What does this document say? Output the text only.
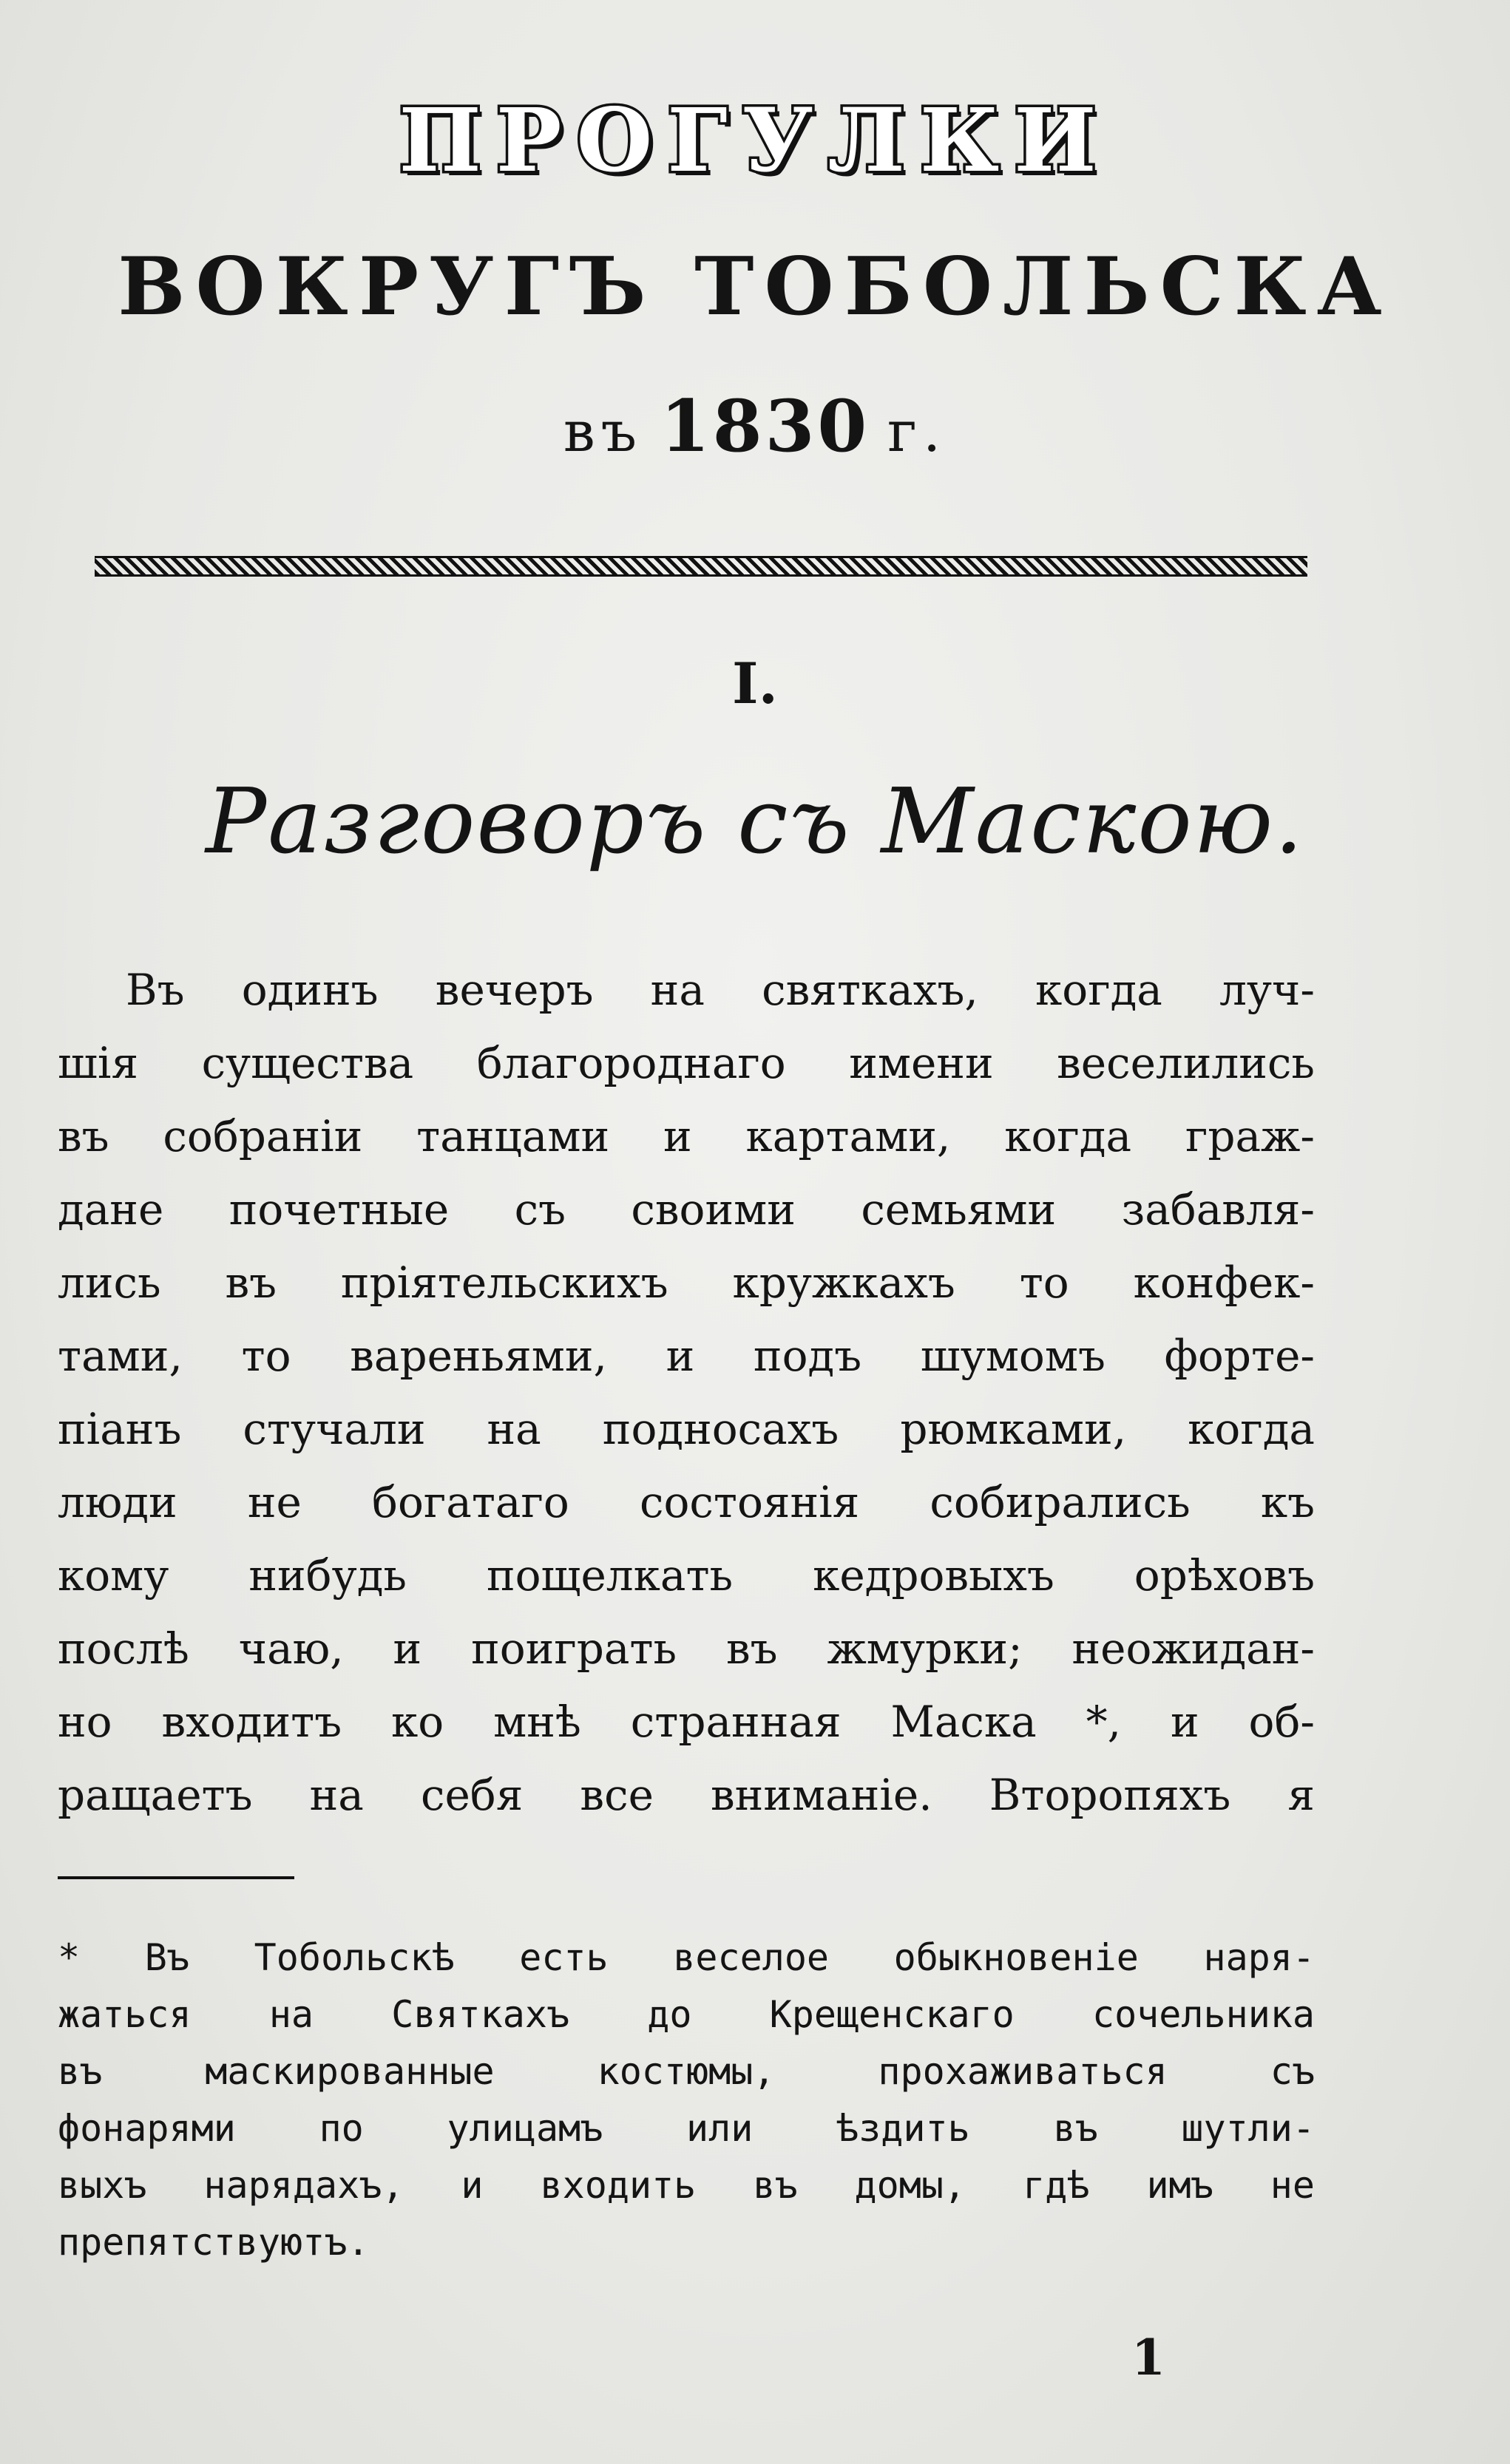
ПРОГУЛКИ
ВОКРУГЪ ТОБОЛЬСКА
въ 1830 г.
I.
Разговоръ съ Маскою.
Въ одинъ вечеръ на святкахъ, когда луч-
шія существа благороднаго имени веселились
въ собраніи танцами и картами, когда граж-
дане почетные съ своими семьями забавля-
лись въ пріятельскихъ кружкахъ то конфек-
тами, то вареньями, и подъ шумомъ форте-
піанъ стучали на подносахъ рюмками, когда
люди не богатаго состоянія собирались къ
кому нибудь пощелкать кедровыхъ орѣховъ
послѣ чаю, и поиграть въ жмурки; неожидан-
но входитъ ко мнѣ странная Маска *, и об-
ращаетъ на себя все вниманіе. Второпяхъ я
* Въ Тобольскѣ есть веселое обыкновеніе наря-
жаться на Святкахъ до Крещенскаго сочельника
въ маскированные костюмы, прохаживаться съ
фонарями по улицамъ или ѣздить въ шутли-
выхъ нарядахъ, и входить въ домы, гдѣ имъ не
препятствуютъ.
1
